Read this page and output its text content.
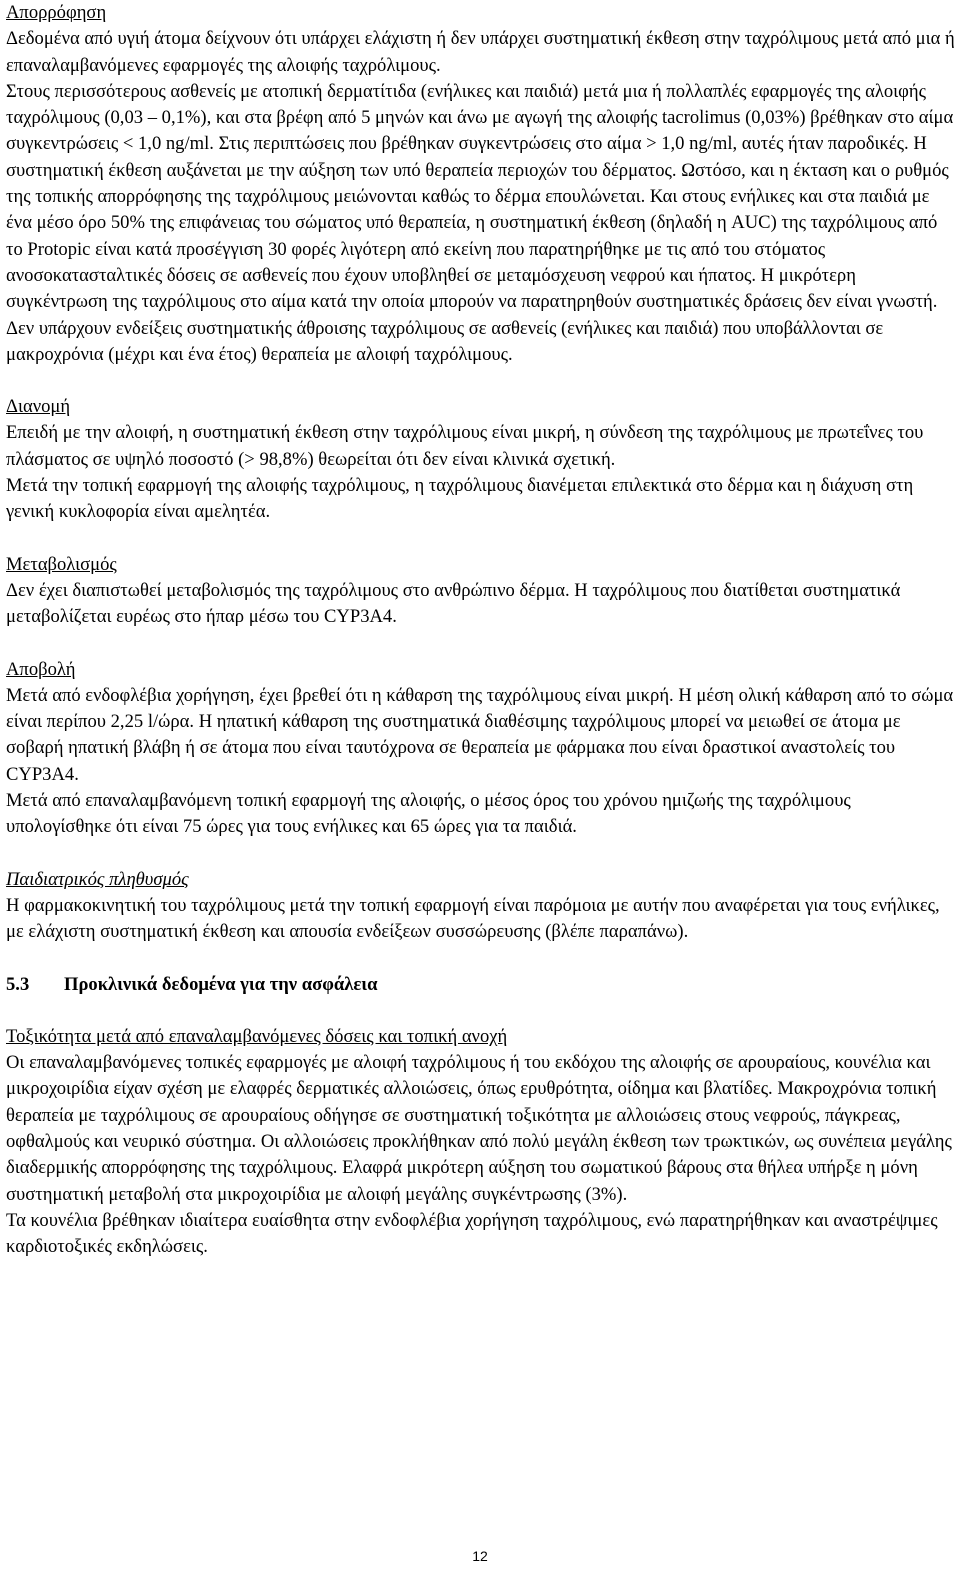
Απορρόφηση

Δεδομένα από υγιή άτομα δείχνουν ότι υπάρχει ελάχιστη ή δεν υπάρχει συστηματική έκθεση στην ταχρόλιμους μετά από μια ή επαναλαμβανόμενες εφαρμογές της αλοιφής ταχρόλιμους.

Στους περισσότερους ασθενείς με ατοπική δερματίτιδα (ενήλικες και παιδιά) μετά μια ή πολλαπλές εφαρμογές της αλοιφής ταχρόλιμους (0,03 – 0,1%), και στα βρέφη από 5 μηνών και άνω με αγωγή της αλοιφής tacrolimus (0,03%) βρέθηκαν στο αίμα συγκεντρώσεις < 1,0 ng/ml. Στις περιπτώσεις που βρέθηκαν συγκεντρώσεις στο αίμα > 1,0 ng/ml, αυτές ήταν παροδικές. Η συστηματική έκθεση αυξάνεται με την αύξηση των υπό θεραπεία περιοχών του δέρματος. Ωστόσο, και η έκταση και ο ρυθμός της τοπικής απορρόφησης της ταχρόλιμους μειώνονται καθώς το δέρμα επουλώνεται. Και στους ενήλικες και στα παιδιά με ένα μέσο όρο 50% της επιφάνειας του σώματος υπό θεραπεία, η συστηματική έκθεση (δηλαδή η AUC) της ταχρόλιμους από το Protopic είναι κατά προσέγγιση 30 φορές λιγότερη από εκείνη που παρατηρήθηκε με τις από του στόματος ανοσοκατασταλτικές δόσεις σε ασθενείς που έχουν υποβληθεί σε μεταμόσχευση νεφρού και ήπατος. Η μικρότερη συγκέντρωση της ταχρόλιμους στο αίμα κατά την οποία μπορούν να παρατηρηθούν συστηματικές δράσεις δεν είναι γνωστή.

Δεν υπάρχουν ενδείξεις συστηματικής άθροισης ταχρόλιμους σε ασθενείς (ενήλικες και παιδιά) που υποβάλλονται σε μακροχρόνια (μέχρι και ένα έτος) θεραπεία με αλοιφή ταχρόλιμους.

Διανομή

Επειδή με την αλοιφή, η συστηματική έκθεση στην ταχρόλιμους είναι μικρή, η σύνδεση της ταχρόλιμους με πρωτεΐνες του πλάσματος σε υψηλό ποσοστό (> 98,8%) θεωρείται ότι δεν είναι κλινικά σχετική.

Μετά την τοπική εφαρμογή της αλοιφής ταχρόλιμους, η ταχρόλιμους διανέμεται επιλεκτικά στο δέρμα και η διάχυση στη γενική κυκλοφορία είναι αμελητέα.

Μεταβολισμός

Δεν έχει διαπιστωθεί μεταβολισμός της ταχρόλιμους στο ανθρώπινο δέρμα. Η ταχρόλιμους που διατίθεται συστηματικά μεταβολίζεται ευρέως στο ήπαρ μέσω του CYP3A4.

Αποβολή

Μετά από ενδοφλέβια χορήγηση, έχει βρεθεί ότι η κάθαρση της ταχρόλιμους είναι μικρή. Η μέση ολική κάθαρση από το σώμα είναι περίπου 2,25 l/ώρα. Η ηπατική κάθαρση της συστηματικά διαθέσιμης ταχρόλιμους μπορεί να μειωθεί σε άτομα με σοβαρή ηπατική βλάβη ή σε άτομα που είναι ταυτόχρονα σε θεραπεία με φάρμακα που είναι δραστικοί αναστολείς του CYP3A4.

Μετά από επαναλαμβανόμενη τοπική εφαρμογή της αλοιφής, ο μέσος όρος του χρόνου ημιζωής της ταχρόλιμους υπολογίσθηκε ότι είναι 75 ώρες για τους ενήλικες και 65 ώρες για τα παιδιά.

Παιδιατρικός πληθυσμός

Η φαρμακοκινητική του ταχρόλιμους μετά την τοπική εφαρμογή είναι παρόμοια με αυτήν που αναφέρεται για τους ενήλικες, με ελάχιστη συστηματική έκθεση και απουσία ενδείξεων συσσώρευσης (βλέπε παραπάνω).

5.3	Προκλινικά δεδομένα για την ασφάλεια
Τοξικότητα μετά από επαναλαμβανόμενες δόσεις και τοπική ανοχή

Οι επαναλαμβανόμενες τοπικές εφαρμογές με αλοιφή ταχρόλιμους ή του εκδόχου της αλοιφής σε αρουραίους, κουνέλια και μικροχοιρίδια είχαν σχέση με ελαφρές δερματικές αλλοιώσεις, όπως ερυθρότητα, οίδημα και βλατίδες. Μακροχρόνια τοπική θεραπεία με ταχρόλιμους σε αρουραίους οδήγησε σε συστηματική τοξικότητα με αλλοιώσεις στους νεφρούς, πάγκρεας, οφθαλμούς και νευρικό σύστημα. Οι αλλοιώσεις προκλήθηκαν από πολύ μεγάλη έκθεση των τρωκτικών, ως συνέπεια μεγάλης διαδερμικής απορρόφησης της ταχρόλιμους. Ελαφρά μικρότερη αύξηση του σωματικού βάρους στα θήλεα υπήρξε η μόνη συστηματική μεταβολή στα μικροχοιρίδια με αλοιφή μεγάλης συγκέντρωσης (3%).

Τα κουνέλια βρέθηκαν ιδιαίτερα ευαίσθητα στην ενδοφλέβια χορήγηση ταχρόλιμους, ενώ παρατηρήθηκαν και αναστρέψιμες καρδιοτοξικές εκδηλώσεις.

12
